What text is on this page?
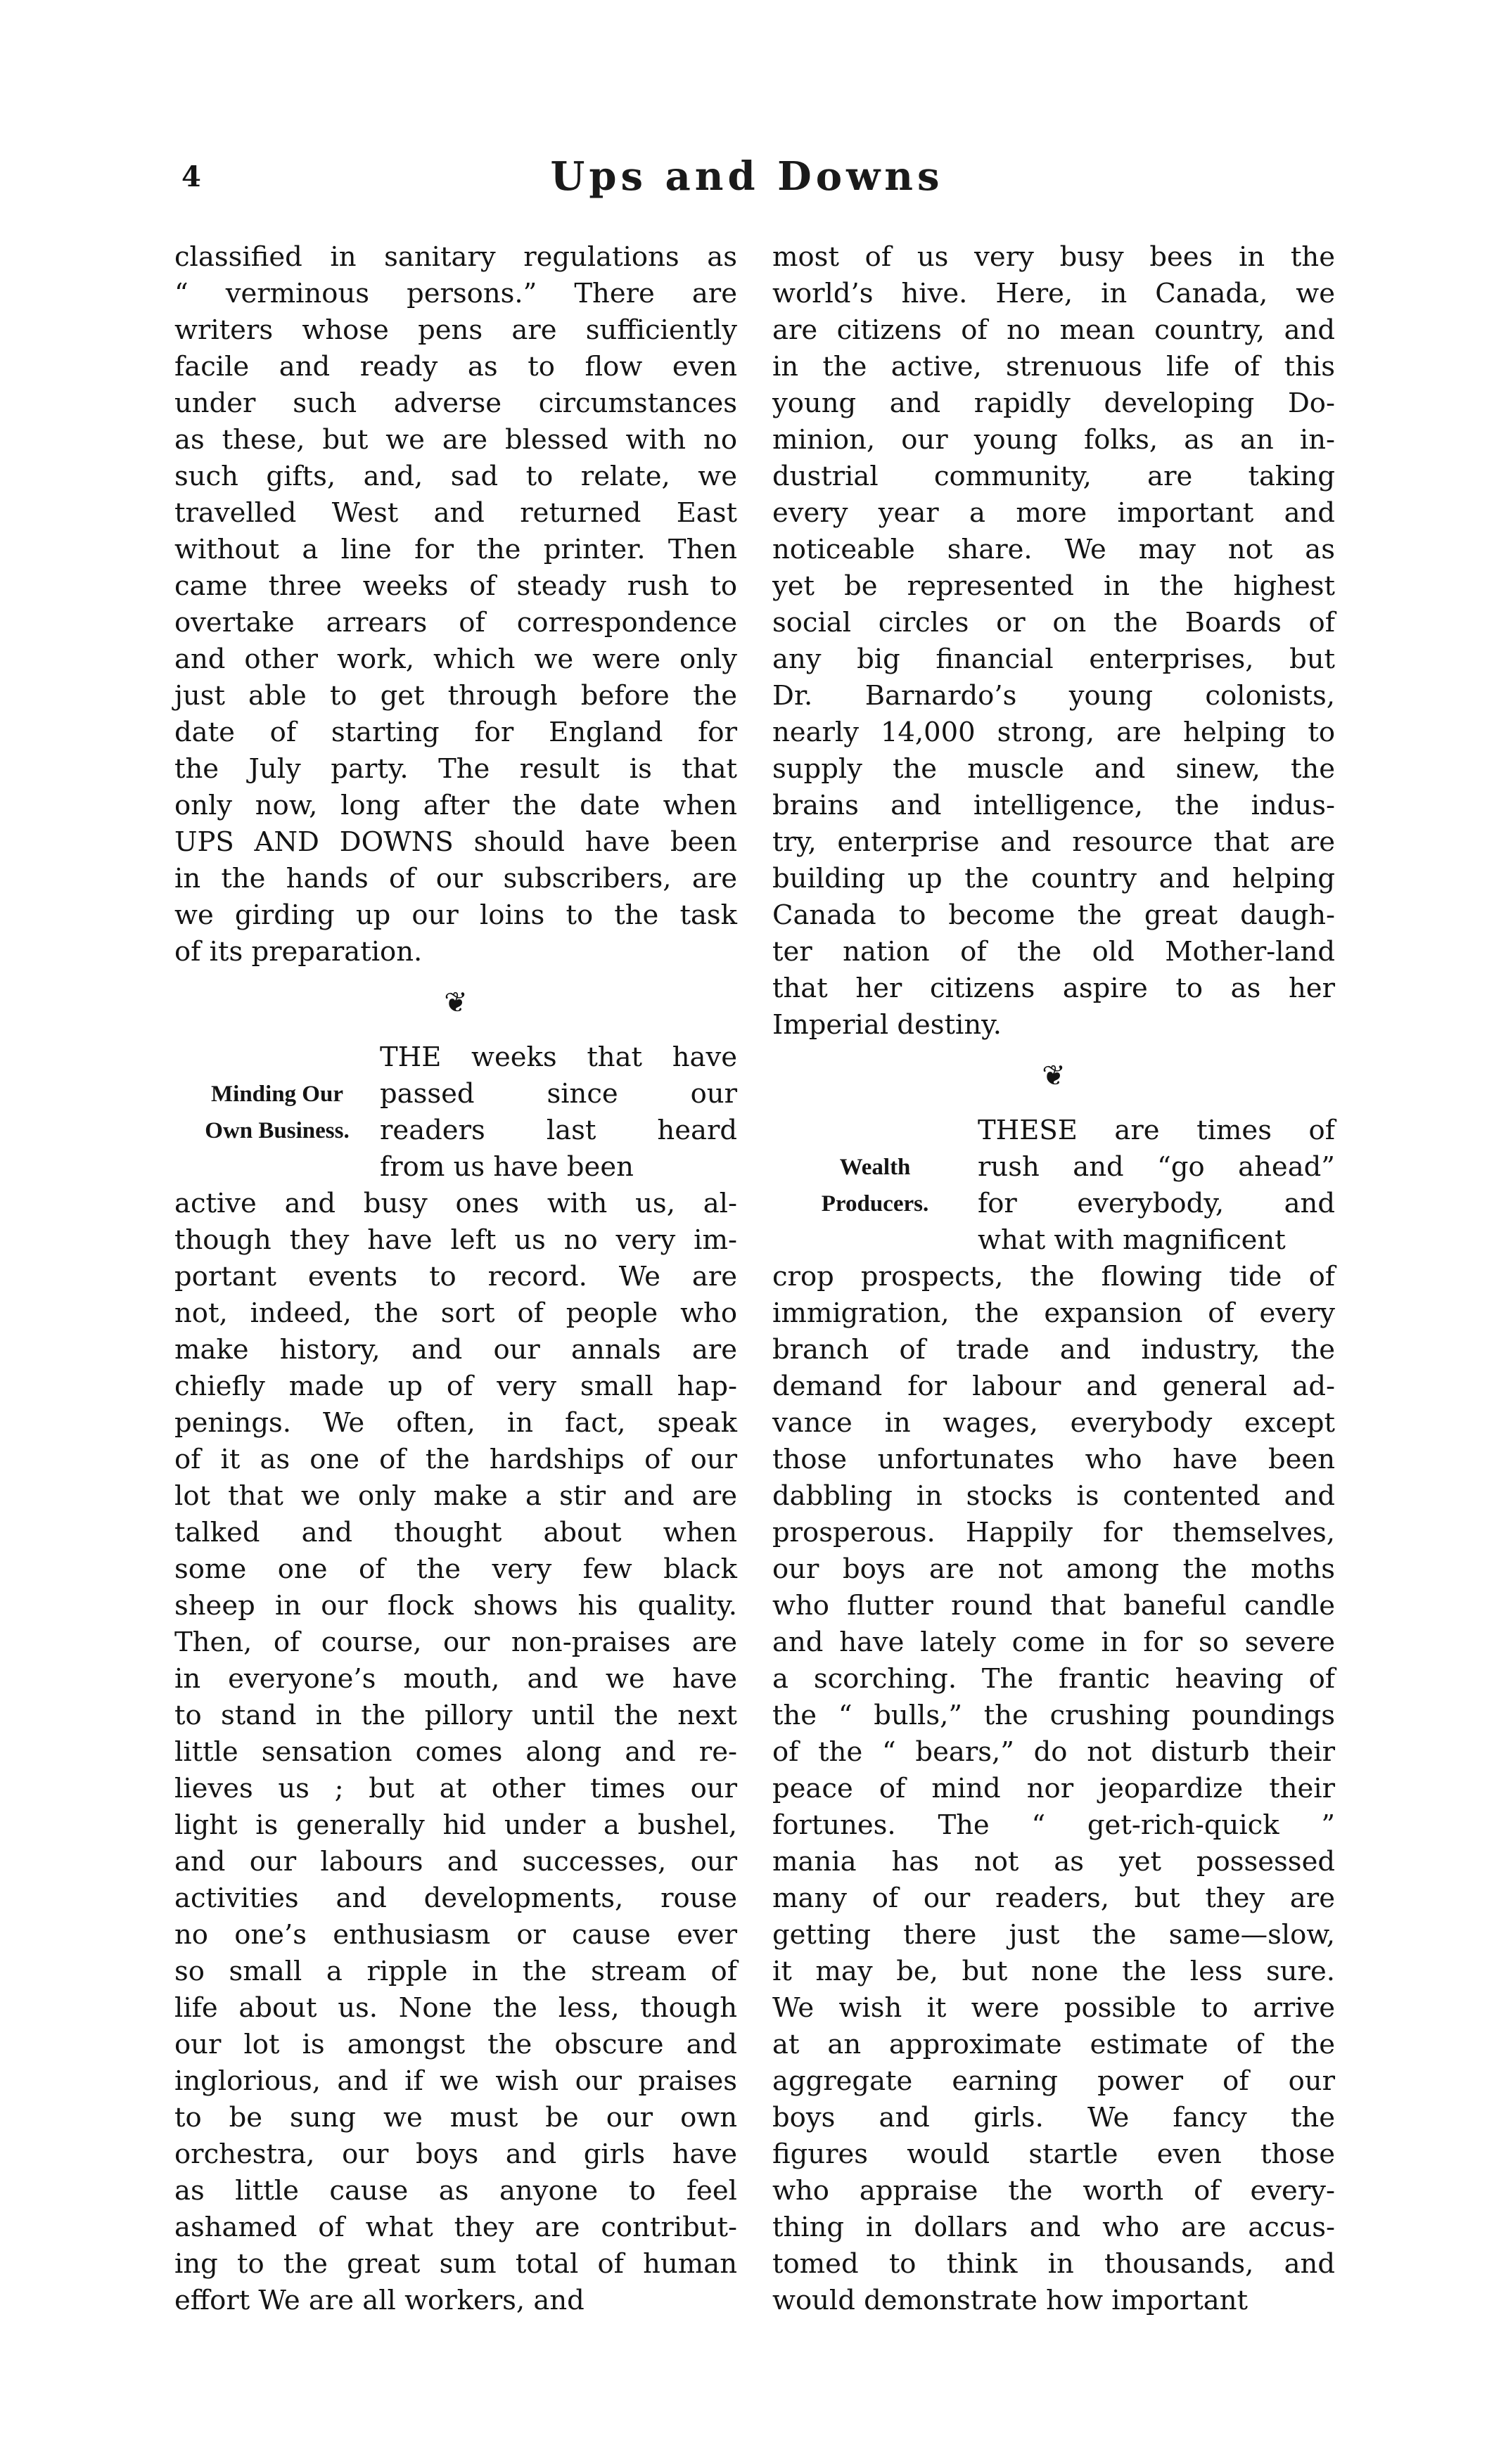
4	Ups and Downs
classified in sanitary regulations as
“ verminous persons.” There are
writers whose pens are sufficiently
facile and ready as to flow even
under such adverse circumstances
as these, but we are blessed with no
such gifts, and, sad to relate, we
travelled West and returned East
without a line for the printer. Then
came three weeks of steady rush to
overtake arrears of correspondence
and other work, which we were only
just able to get through before the
date of starting for England for
the July party. The result is that
only now, long after the date when
UPS AND DOWNS should have been
in the hands of our subscribers, are
we girding up our loins to the task
of its preparation.
❦
Minding Our
Own Business.
THE weeks that have
passed since our
readers last heard
from us have been
active and busy ones with us, al-
though they have left us no very im-
portant events to record. We are
not, indeed, the sort of people who
make history, and our annals are
chiefly made up of very small hap-
penings. We often, in fact, speak
of it as one of the hardships of our
lot that we only make a stir and are
talked and thought about when
some one of the very few black
sheep in our flock shows his quality.
Then, of course, our non-praises are
in everyone’s mouth, and we have
to stand in the pillory until the next
little sensation comes along and re-
lieves us ; but at other times our
light is generally hid under a bushel,
and our labours and successes, our
activities and developments, rouse
no one’s enthusiasm or cause ever
so small a ripple in the stream of
life about us. None the less, though
our lot is amongst the obscure and
inglorious, and if we wish our praises
to be sung we must be our own
orchestra, our boys and girls have
as little cause as anyone to feel
ashamed of what they are contribut-
ing to the great sum total of human
effort We are all workers, and
most of us very busy bees in the
world’s hive. Here, in Canada, we
are citizens of no mean country, and
in the active, strenuous life of this
young and rapidly developing Do-
minion, our young folks, as an in-
dustrial community, are taking
every year a more important and
noticeable share. We may not as
yet be represented in the highest
social circles or on the Boards of
any big financial enterprises, but
Dr. Barnardo’s young colonists,
nearly 14,000 strong, are helping to
supply the muscle and sinew, the
brains and intelligence, the indus-
try, enterprise and resource that are
building up the country and helping
Canada to become the great daugh-
ter nation of the old Mother-land
that her citizens aspire to as her
Imperial destiny.
❦
Wealth
Producers.
THESE are times of
rush and “go ahead”
for everybody, and
what with magnificent
crop prospects, the flowing tide of
immigration, the expansion of every
branch of trade and industry, the
demand for labour and general ad-
vance in wages, everybody except
those unfortunates who have been
dabbling in stocks is contented and
prosperous. Happily for themselves,
our boys are not among the moths
who flutter round that baneful candle
and have lately come in for so severe
a scorching. The frantic heaving of
the “ bulls,” the crushing poundings
of the “ bears,” do not disturb their
peace of mind nor jeopardize their
fortunes. The “ get-rich-quick ”
mania has not as yet possessed
many of our readers, but they are
getting there just the same—slow,
it may be, but none the less sure.
We wish it were possible to arrive
at an approximate estimate of the
aggregate earning power of our
boys and girls. We fancy the
figures would startle even those
who appraise the worth of every-
thing in dollars and who are accus-
tomed to think in thousands, and
would demonstrate how important
